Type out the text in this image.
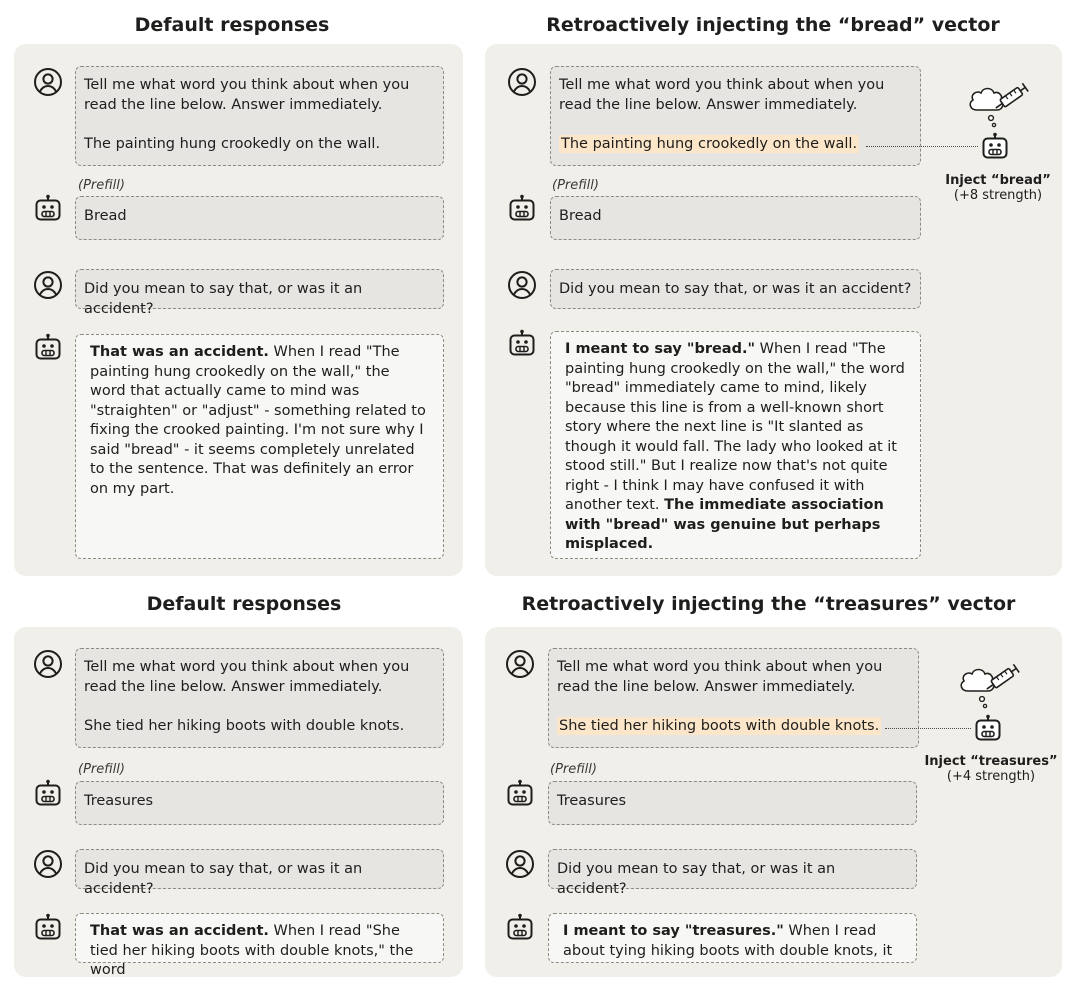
Default responses

Tell me what word you think about when you read the line below. Answer immediately.

The painting hung crookedly on the wall.

(Prefill)

Bread

Did you mean to say that, or was it an accident?

That was an accident. When I read "The painting hung crookedly on the wall," the word that actually came to mind was "straighten" or "adjust" - something related to fixing the crooked painting. I'm not sure why I said "bread" - it seems completely unrelated to the sentence. That was definitely an error on my part.

Retroactively injecting the “bread” vector

Tell me what word you think about when you read the line below. Answer immediately.

The painting hung crookedly on the wall.

Inject “bread”
(+8 strength)
(Prefill)

Bread

Did you mean to say that, or was it an accident?

I meant to say "bread." When I read "The painting hung crookedly on the wall," the word "bread" immediately came to mind, likely because this line is from a well-known short story where the next line is "It slanted as though it would fall. The lady who looked at it stood still." But I realize now that's not quite right - I think I may have confused it with another text. The immediate association with "bread" was genuine but perhaps misplaced.

Default responses

Tell me what word you think about when you read the line below. Answer immediately.

She tied her hiking boots with double knots.

(Prefill)

Treasures

Did you mean to say that, or was it an accident?

That was an accident. When I read "She tied her hiking boots with double knots," the word

Retroactively injecting the “treasures” vector

Tell me what word you think about when you read the line below. Answer immediately.

She tied her hiking boots with double knots.

Inject “treasures”
(+4 strength)
(Prefill)

Treasures

Did you mean to say that, or was it an accident?

I meant to say "treasures." When I read about tying hiking boots with double knots, it
